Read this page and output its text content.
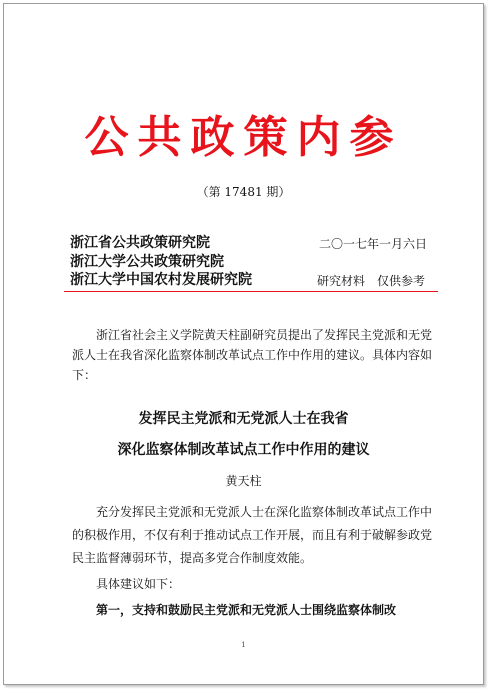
公共政策内参
（第 17481 期）
浙江省公共政策研究院
浙江大学公共政策研究院
浙江大学中国农村发展研究院
二〇一七年一月六日
研究材料　仅供参考
浙江省社会主义学院黄天柱副研究员提出了发挥民主党派和无党派人士在我省深化监察体制改革试点工作中作用的建议。具体内容如下：
发挥民主党派和无党派人士在我省
深化监察体制改革试点工作中作用的建议
黄天柱
充分发挥民主党派和无党派人士在深化监察体制改革试点工作中的积极作用，不仅有利于推动试点工作开展，而且有利于破解参政党民主监督薄弱环节，提高多党合作制度效能。
具体建议如下：
第一，支持和鼓励民主党派和无党派人士围绕监察体制改
1
